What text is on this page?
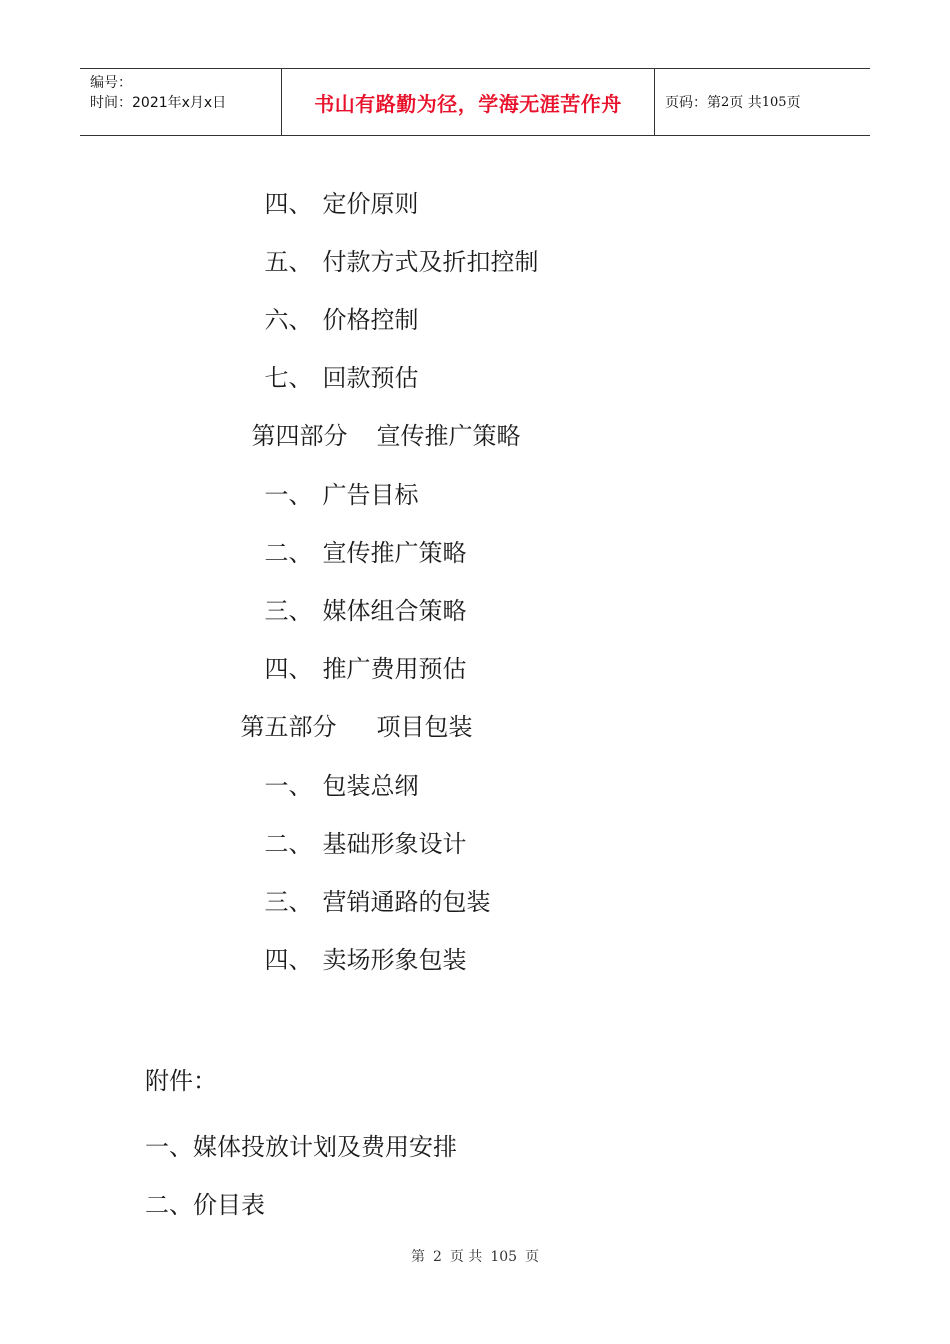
编号：
时间：2021年x月x日	书山有路勤为径，学海无涯苦作舟	页码：第 2 页 共 105 页

四、 定价原则

五、 付款方式及折扣控制

六、 价格控制

七、 回款预估

第四部分 宣传推广策略

一、 广告目标

二、 宣传推广策略

三、 媒体组合策略

四、 推广费用预估

第五部分 项目包装

一、 包装总纲

二、 基础形象设计

三、 营销通路的包装

四、 卖场形象包装

附件：
一、媒体投放计划及费用安排
二、价目表
第 2 页 共 105 页
